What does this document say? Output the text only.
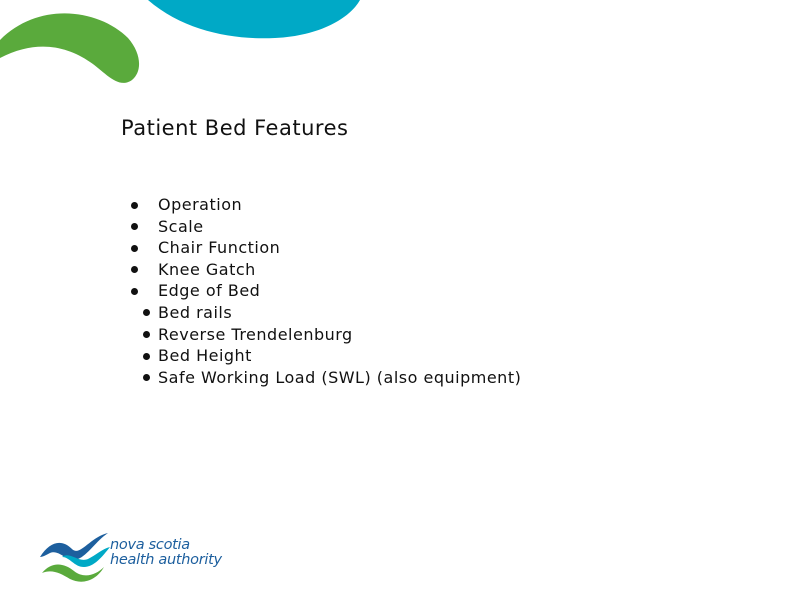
Patient Bed Features
Operation
Scale
Chair Function
Knee Gatch
Edge of Bed
Bed rails
Reverse Trendelenburg
Bed Height
Safe Working Load (SWL) (also equipment)
nova scotia
health authority
